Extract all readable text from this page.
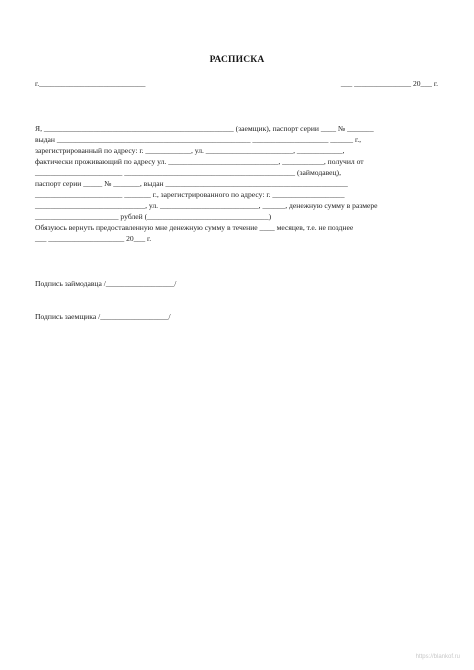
РАСПИСКА
г.____________________________	___ _______________ 20___ г.
Я, __________________________________________________ (заемщик), паспорт серии ____ № _______
выдан ___________________________________________________ ____________________ ______ г.,
зарегистрированный по адресу: г. ____________, ул. _______________________, ____________,
фактически проживающий по адресу ул. _____________________________, ___________, получил от
_______________________ _____________________________________________ (займодавец),
паспорт серии _____ № _______, выдан ________________________________________________
_______________________ _______ г., зарегистрированного по адресу: г. ___________________
_____________________________, ул. __________________________, ______, денежную сумму в размере
______________________ рублей (________________________________)
Обязуюсь вернуть предоставленную мне денежную сумму в течение ____ месяцев, т.е. не позднее
___ ____________________ 20___ г.
Подпись займодавца /__________________/
Подпись заемщика /__________________/
https://blankof.ru
